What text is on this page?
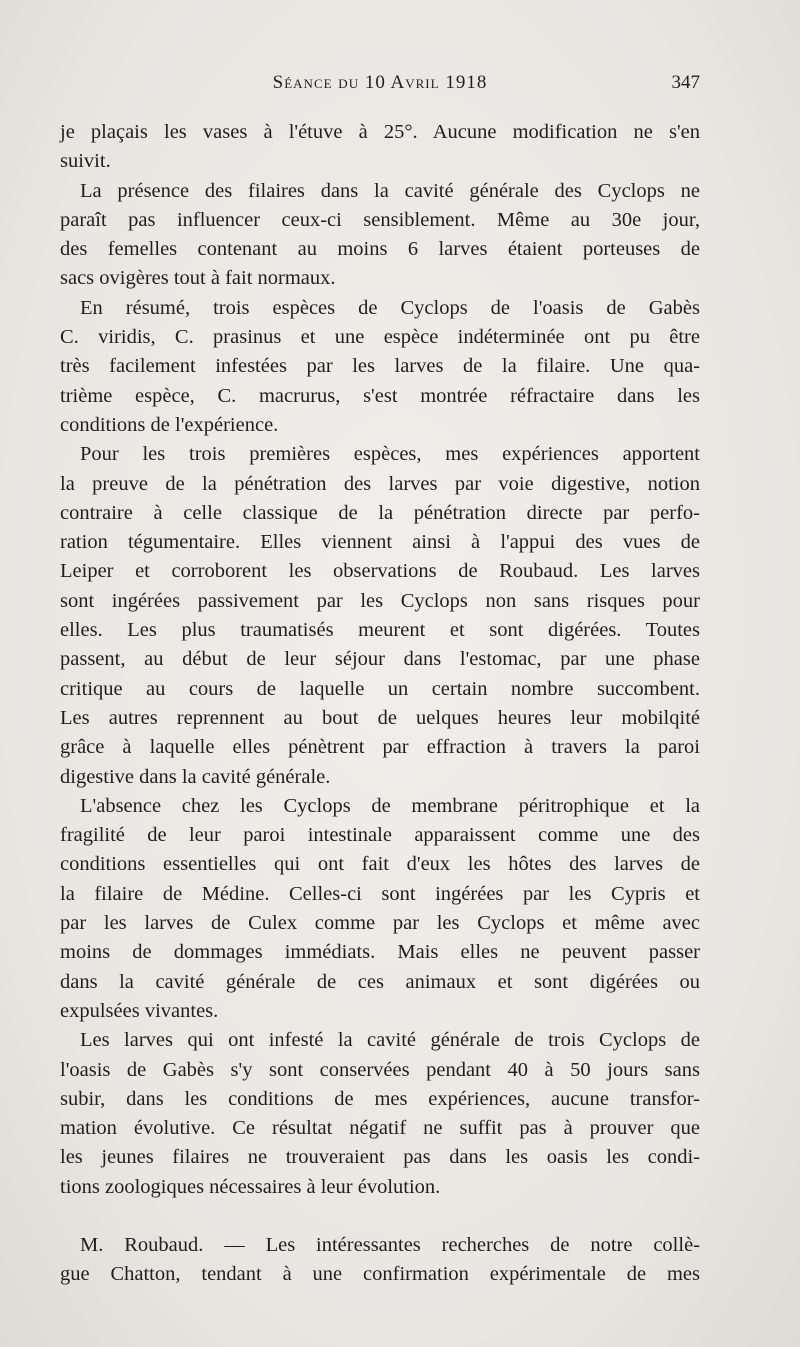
Séance du 10 Avril 1918	347
je plaçais les vases à l'étuve à 25°. Aucune modification ne s'en
suivit.
La présence des filaires dans la cavité générale des Cyclops ne
paraît pas influencer ceux-ci sensiblement. Même au 30e jour,
des femelles contenant au moins 6 larves étaient porteuses de
sacs ovigères tout à fait normaux.
En résumé, trois espèces de Cyclops de l'oasis de Gabès
C. viridis, C. prasinus et une espèce indéterminée ont pu être
très facilement infestées par les larves de la filaire. Une qua-
trième espèce, C. macrurus, s'est montrée réfractaire dans les
conditions de l'expérience.
Pour les trois premières espèces, mes expériences apportent
la preuve de la pénétration des larves par voie digestive, notion
contraire à celle classique de la pénétration directe par perfo-
ration tégumentaire. Elles viennent ainsi à l'appui des vues de
Leiper et corroborent les observations de Roubaud. Les larves
sont ingérées passivement par les Cyclops non sans risques pour
elles. Les plus traumatisés meurent et sont digérées. Toutes
passent, au début de leur séjour dans l'estomac, par une phase
critique au cours de laquelle un certain nombre succombent.
Les autres reprennent au bout de uelques heures leur mobilqité
grâce à laquelle elles pénètrent par effraction à travers la paroi
digestive dans la cavité générale.
L'absence chez les Cyclops de membrane péritrophique et la
fragilité de leur paroi intestinale apparaissent comme une des
conditions essentielles qui ont fait d'eux les hôtes des larves de
la filaire de Médine. Celles-ci sont ingérées par les Cypris et
par les larves de Culex comme par les Cyclops et même avec
moins de dommages immédiats. Mais elles ne peuvent passer
dans la cavité générale de ces animaux et sont digérées ou
expulsées vivantes.
Les larves qui ont infesté la cavité générale de trois Cyclops de
l'oasis de Gabès s'y sont conservées pendant 40 à 50 jours sans
subir, dans les conditions de mes expériences, aucune transfor-
mation évolutive. Ce résultat négatif ne suffit pas à prouver que
les jeunes filaires ne trouveraient pas dans les oasis les condi-
tions zoologiques nécessaires à leur évolution.
M. Roubaud. — Les intéressantes recherches de notre collè-
gue Chatton, tendant à une confirmation expérimentale de mes
